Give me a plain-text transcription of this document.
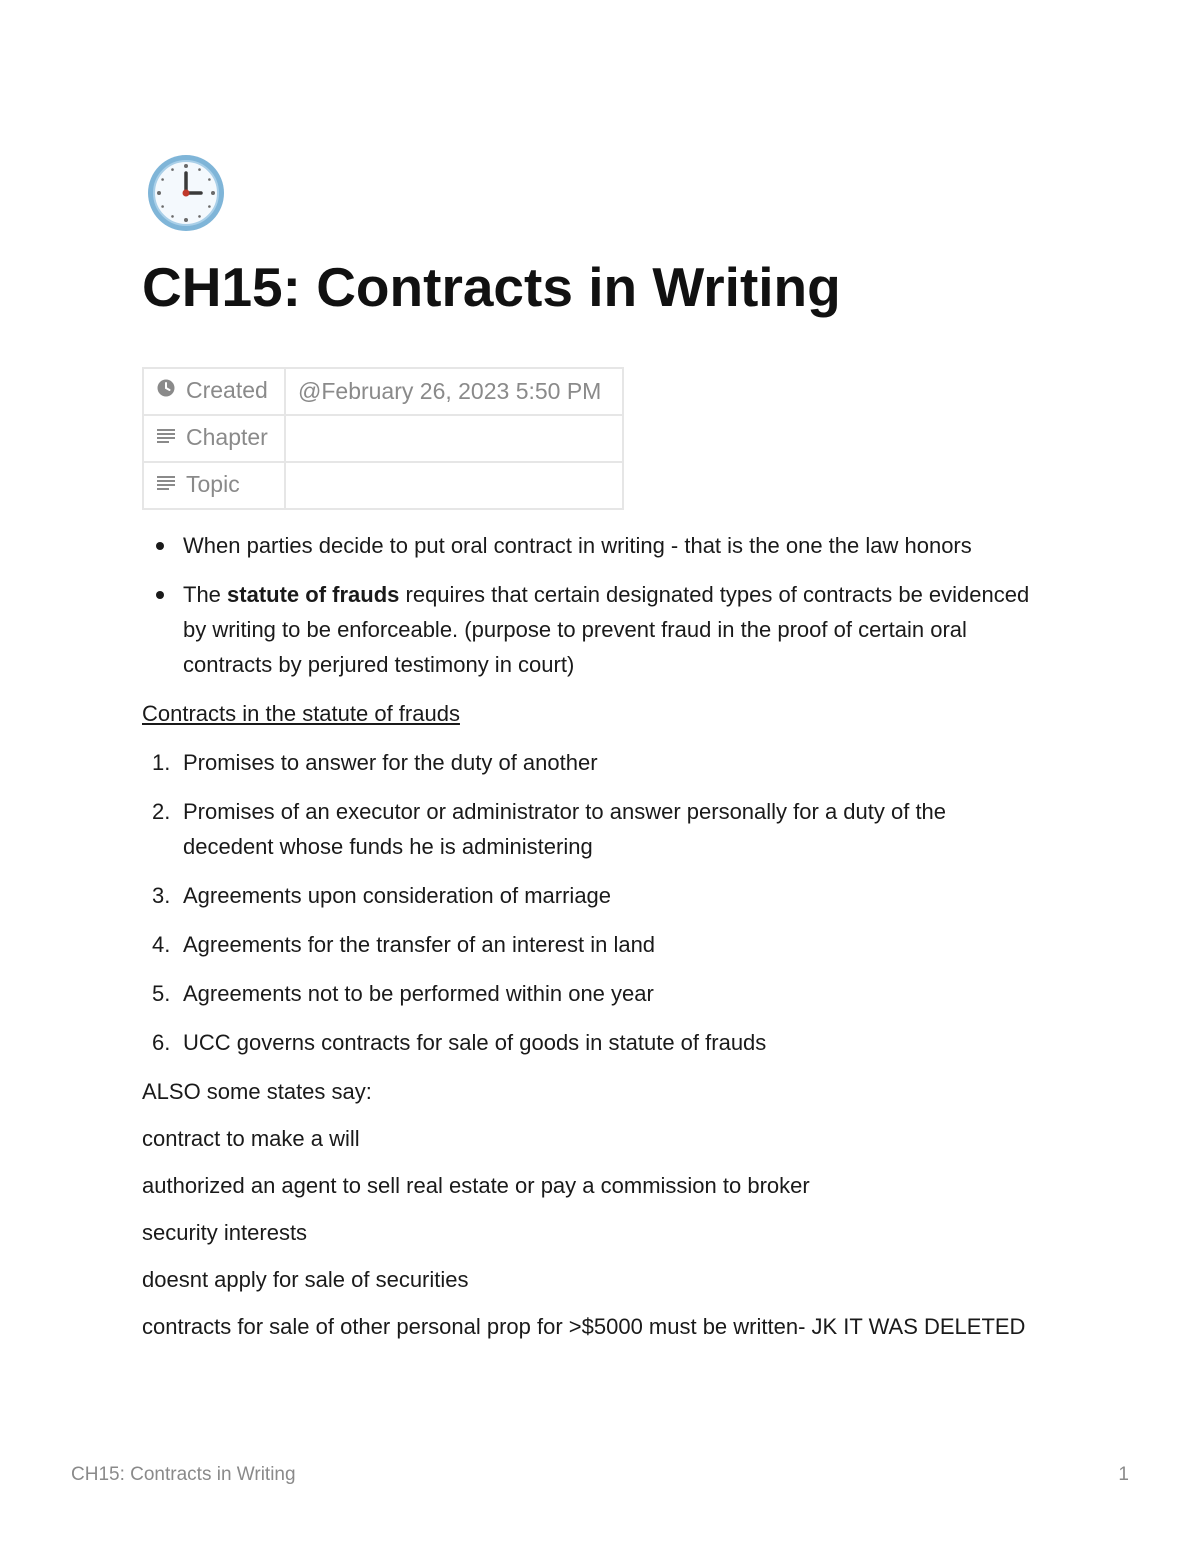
CH15: Contracts in Writing
Created	@February 26, 2023 5:50 PM
Chapter	
Topic	
When parties decide to put oral contract in writing - that is the one the law honors
The statute of frauds requires that certain designated types of contracts be evidenced by writing to be enforceable. (purpose to prevent fraud in the proof of certain oral contracts by perjured testimony in court)

Contracts in the statute of frauds

1. Promises to answer for the duty of another
2. Promises of an executor or administrator to answer personally for a duty of the decedent whose funds he is administering
3. Agreements upon consideration of marriage
4. Agreements for the transfer of an interest in land
5. Agreements not to be performed within one year
6. UCC governs contracts for sale of goods in statute of frauds

ALSO some states say:

contract to make a will

authorized an agent to sell real estate or pay a commission to broker

security interests

doesnt apply for sale of securities

contracts for sale of other personal prop for >$5000 must be written- JK IT WAS DELETED

CH15: Contracts in Writing	1
